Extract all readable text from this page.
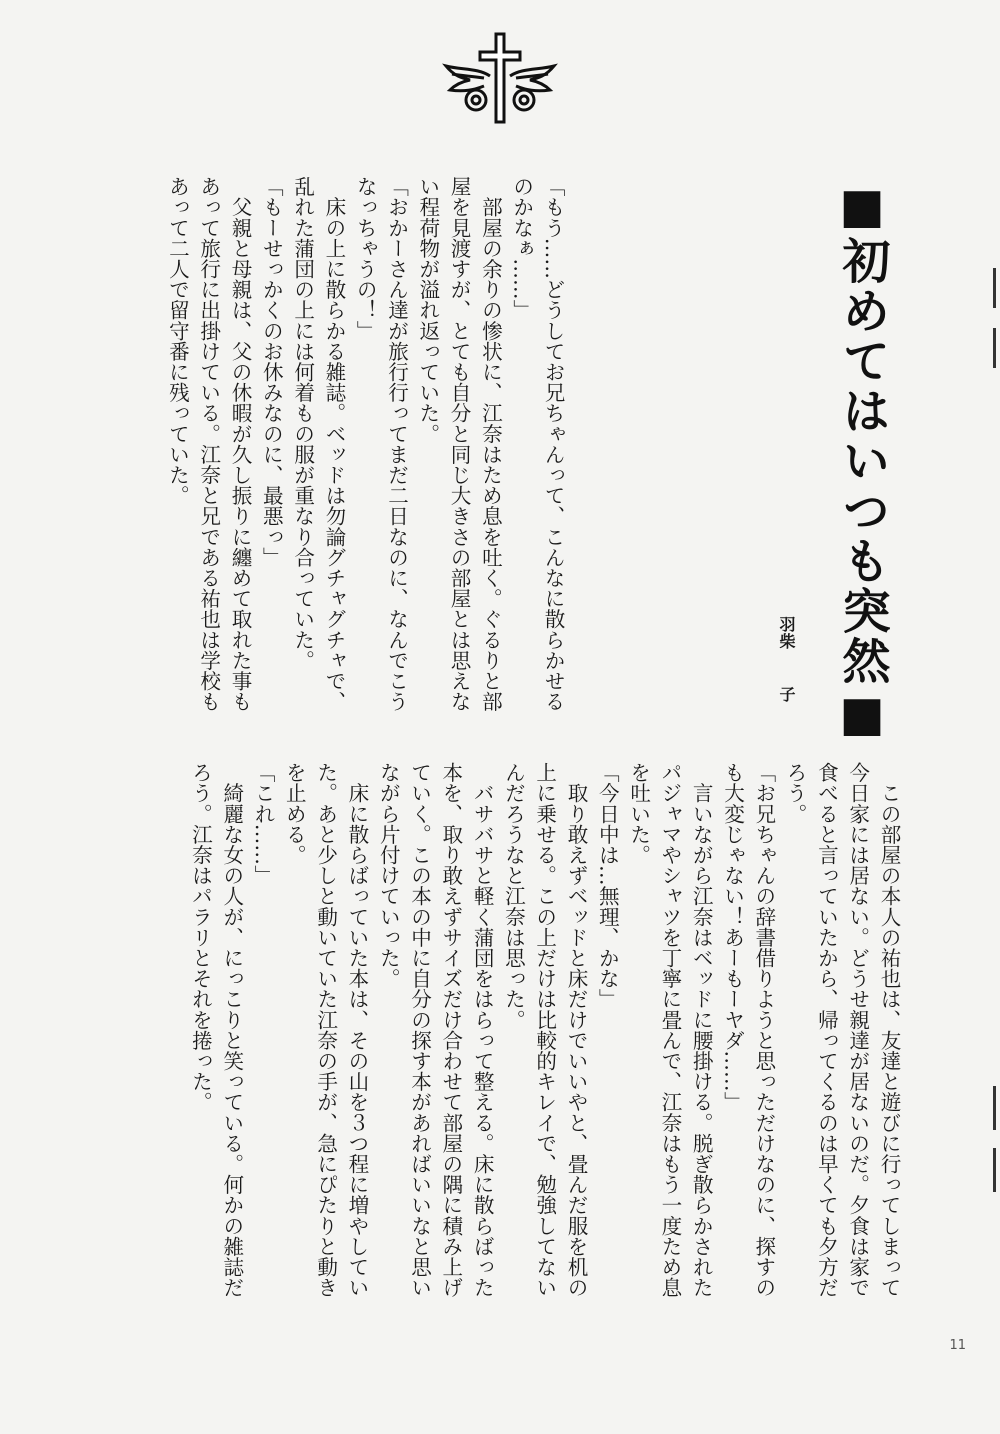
■初めてはいつも突然■
羽柴子
「もう……どうしてお兄ちゃんって、こんなに散らかせる
のかなぁ……」
　部屋の余りの惨状に、江奈はため息を吐く。ぐるりと部
屋を見渡すが、とても自分と同じ大きさの部屋とは思えな
い程荷物が溢れ返っていた。
「おかーさん達が旅行行ってまだ二日なのに、なんでこう
なっちゃうの！」
　床の上に散らかる雑誌。ベッドは勿論グチャグチャで、
乱れた蒲団の上には何着もの服が重なり合っていた。
「もーせっかくのお休みなのに、最悪っ」
　父親と母親は、父の休暇が久し振りに纏めて取れた事も
あって旅行に出掛けている。江奈と兄である祐也は学校も
あって二人で留守番に残っていた。
　この部屋の本人の祐也は、友達と遊びに行ってしまって
今日家には居ない。どうせ親達が居ないのだ。夕食は家で
食べると言っていたから、帰ってくるのは早くても夕方だ
ろう。
「お兄ちゃんの辞書借りようと思っただけなのに、探すの
も大変じゃない！あーもーヤダ……」
　言いながら江奈はベッドに腰掛ける。脱ぎ散らかされた
パジャマやシャツを丁寧に畳んで、江奈はもう一度ため息
を吐いた。
「今日中は…無理、かな」
　取り敢えずベッドと床だけでいいやと、畳んだ服を机の
上に乗せる。この上だけは比較的キレイで、勉強してない
んだろうなと江奈は思った。
　バサバサと軽く蒲団をはらって整える。床に散らばった
本を、取り敢えずサイズだけ合わせて部屋の隅に積み上げ
ていく。この本の中に自分の探す本があればいいなと思い
ながら片付けていった。
　床に散らばっていた本は、その山を３つ程に増やしてい
た。あと少しと動いていた江奈の手が、急にぴたりと動き
を止める。
「これ……」
　綺麗な女の人が、にっこりと笑っている。何かの雑誌だ
ろう。江奈はパラリとそれを捲った。
11
